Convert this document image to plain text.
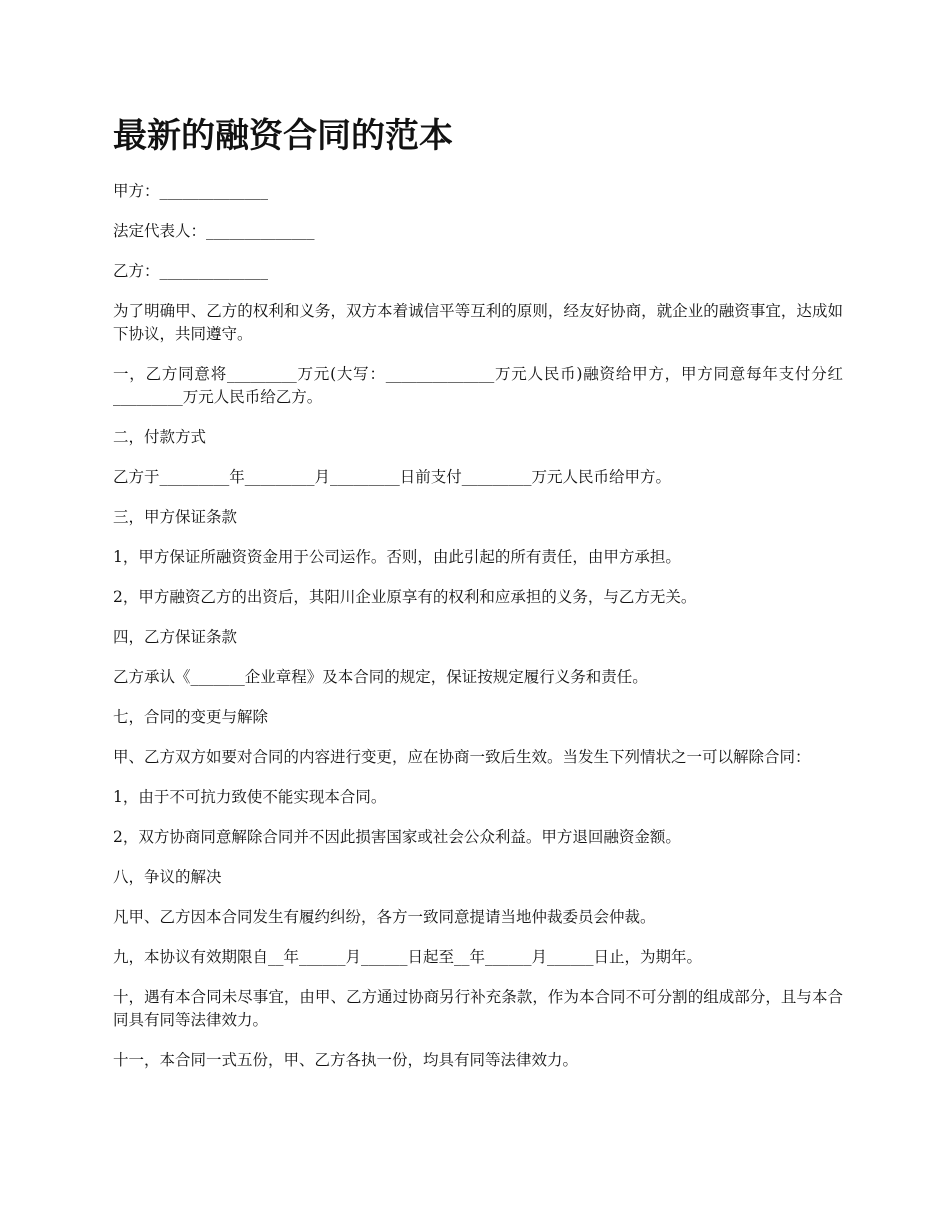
最新的融资合同的范本

甲方：______________

法定代表人：______________

乙方：______________

为了明确甲、乙方的权利和义务，双方本着诚信平等互利的原则，经友好协商，就企业的融资事宜，达成如下协议，共同遵守。

一，乙方同意将_________万元(大写：______________万元人民币)融资给甲方，甲方同意每年支付分红_________万元人民币给乙方。

二，付款方式

乙方于_________年_________月_________日前支付_________万元人民币给甲方。

三，甲方保证条款

1，甲方保证所融资资金用于公司运作。否则，由此引起的所有责任，由甲方承担。

2，甲方融资乙方的出资后，其阳川企业原享有的权利和应承担的义务，与乙方无关。

四，乙方保证条款

乙方承认《_______企业章程》及本合同的规定，保证按规定履行义务和责任。

七，合同的变更与解除

甲、乙方双方如要对合同的内容进行变更，应在协商一致后生效。当发生下列情状之一可以解除合同：

1，由于不可抗力致使不能实现本合同。

2，双方协商同意解除合同并不因此损害国家或社会公众利益。甲方退回融资金额。

八，争议的解决

凡甲、乙方因本合同发生有履约纠纷，各方一致同意提请当地仲裁委员会仲裁。

九，本协议有效期限自__年______月______日起至__年______月______日止，为期年。

十，遇有本合同未尽事宜，由甲、乙方通过协商另行补充条款，作为本合同不可分割的组成部分，且与本合同具有同等法律效力。

十一，本合同一式五份，甲、乙方各执一份，均具有同等法律效力。
